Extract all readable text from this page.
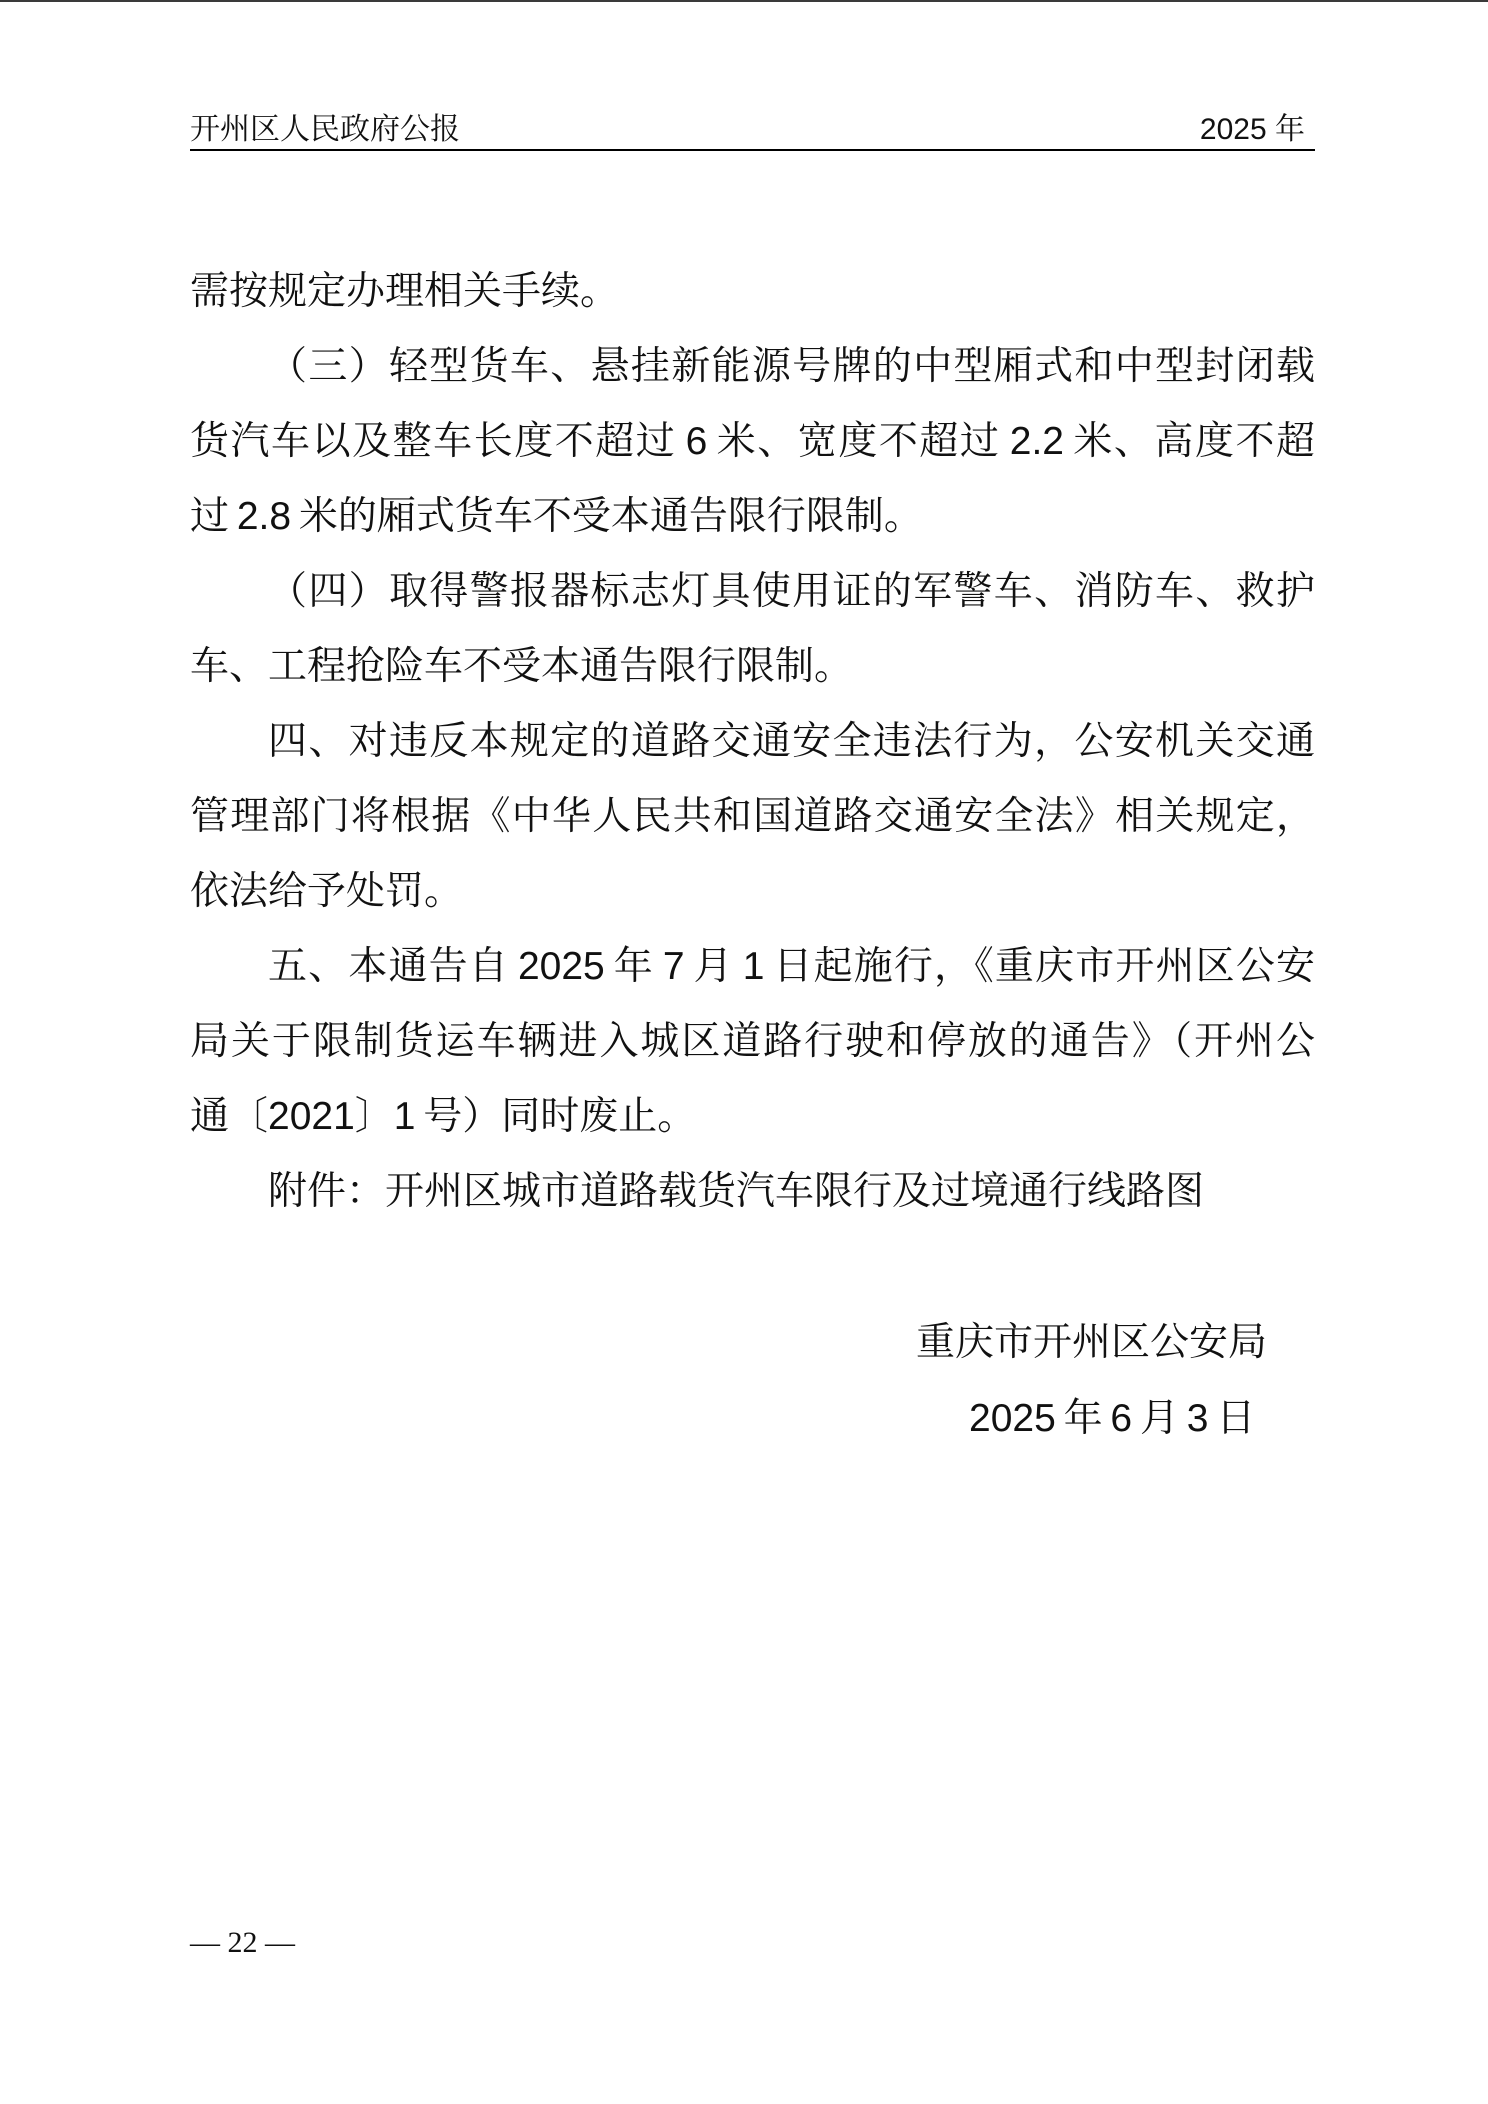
开州区人民政府公报	2025 年
需按规定办理相关手续。
（三）轻型货车、悬挂新能源号牌的中型厢式和中型封闭载
货汽车以及整车长度不超过 6 米、宽度不超过 2.2 米、高度不超
过 2.8 米的厢式货车不受本通告限行限制。
（四）取得警报器标志灯具使用证的军警车、消防车、救护
车、工程抢险车不受本通告限行限制。
四、对违反本规定的道路交通安全违法行为，公安机关交通
管理部门将根据《中华人民共和国道路交通安全法》相关规定，
依法给予处罚。
五、本通告自 2025 年 7 月 1 日起施行，《重庆市开州区公安
局关于限制货运车辆进入城区道路行驶和停放的通告》（开州公
通〔2021〕1 号）同时废止。
附件：开州区城市道路载货汽车限行及过境通行线路图
重庆市开州区公安局
2025 年 6 月 3 日
— 22 —
